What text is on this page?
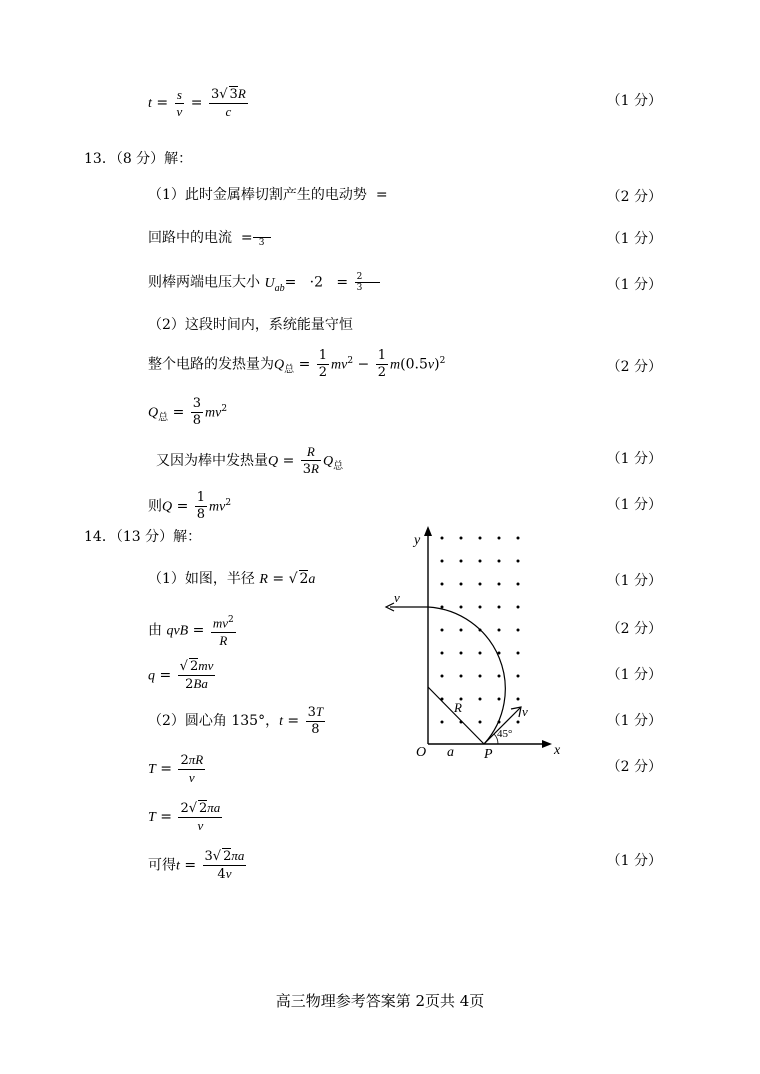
$t = \frac{s}{v} = \frac{3√ 3R}{c}$	（1 分）
13．（8 分）解：
（1）此时金属棒切割产生的电动势  =	（2 分）
回路中的电流  = 3	（1 分）
则棒两端电压大小 $U_{ab}= \cdot 2 = \frac{2}{3}$	（1 分）
（2）这段时间内，系统能量守恒
整个电路的发热量为$Q_总 = \frac{1}{2} mv^2 - \frac{1}{2} m(0.5v)^2$	（2 分）
$Q_总 = \frac{3}{8} mv^2$
又因为棒中发热量$Q = \frac{R}{3R} Q_总$	（1 分）
则$Q = \frac{1}{8} mv^2$	（1 分）
14．（13 分）解：
（1）如图，半径 R = √ 2a	（1 分）
由 qvB = $\frac{mv^2}{R}$	（2 分）
$q = \frac{√ 2mv}{2Ba}$	（1 分）
（2）圆心角 135°，$t = \frac{3T}{8}$	（1 分）
$T = \frac{2\pi R}{v}$	（2 分）
$T = \frac{2√ 2\pi a}{v}$
可得$t = \frac{3√ 2\pi a}{4v}$	（1 分）
y
x
O a P
R
v
v
45°
高三物理参考答案第 2页共 4页
